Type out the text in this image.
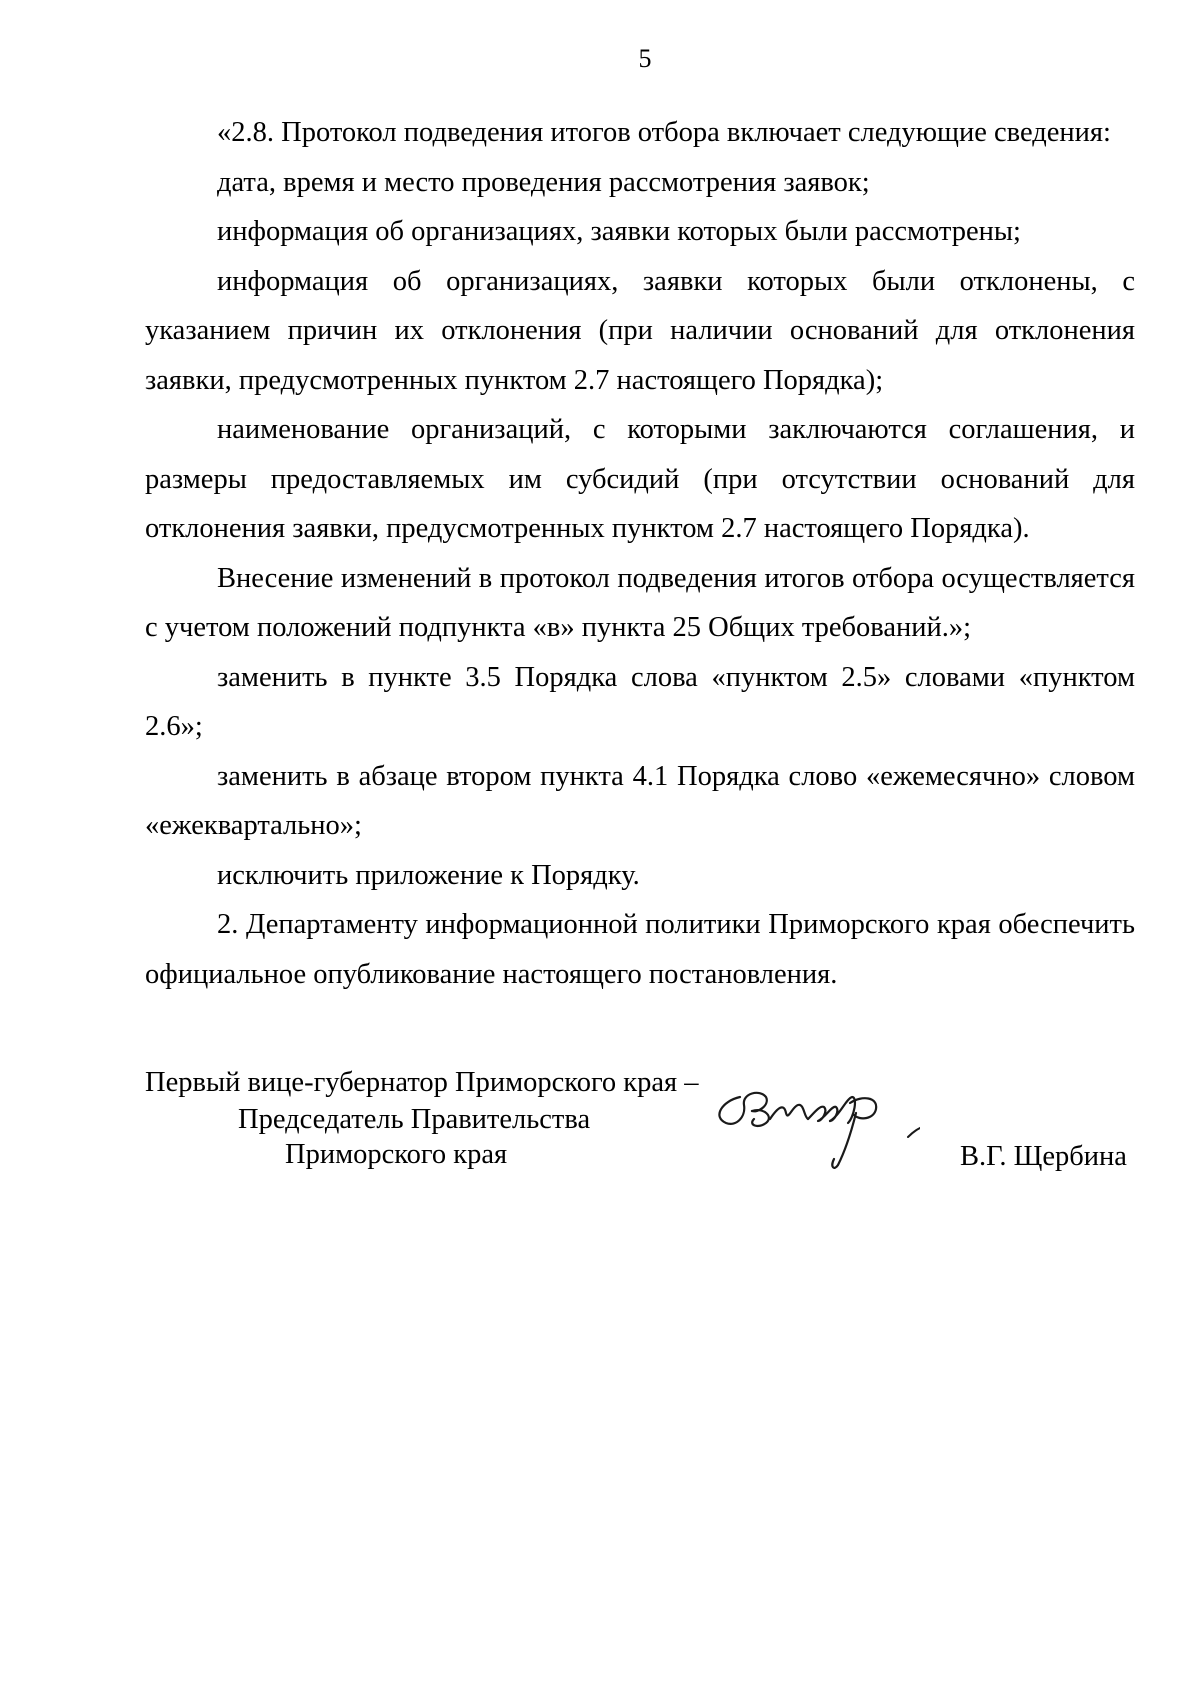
5

«2.8. Протокол подведения итогов отбора включает следующие сведения:

дата, время и место проведения рассмотрения заявок;

информация об организациях, заявки которых были рассмотрены;

информация об организациях, заявки которых были отклонены, с указанием причин их отклонения (при наличии оснований для отклонения заявки, предусмотренных пунктом 2.7 настоящего Порядка);

наименование организаций, с которыми заключаются соглашения, и размеры предоставляемых им субсидий (при отсутствии оснований для отклонения заявки, предусмотренных пунктом 2.7 настоящего Порядка).

Внесение изменений в протокол подведения итогов отбора осуществляется с учетом положений подпункта «в» пункта 25 Общих требований.»;

заменить в пункте 3.5 Порядка слова «пунктом 2.5» словами «пунктом 2.6»;

заменить в абзаце втором пункта 4.1 Порядка слово «ежемесячно» словом «ежеквартально»;

исключить приложение к Порядку.

2. Департаменту информационной политики Приморского края обеспечить официальное опубликование настоящего постановления.

Первый вице-губернатор Приморского края –
Председатель Правительства
Приморского края	В.Г. Щербина
